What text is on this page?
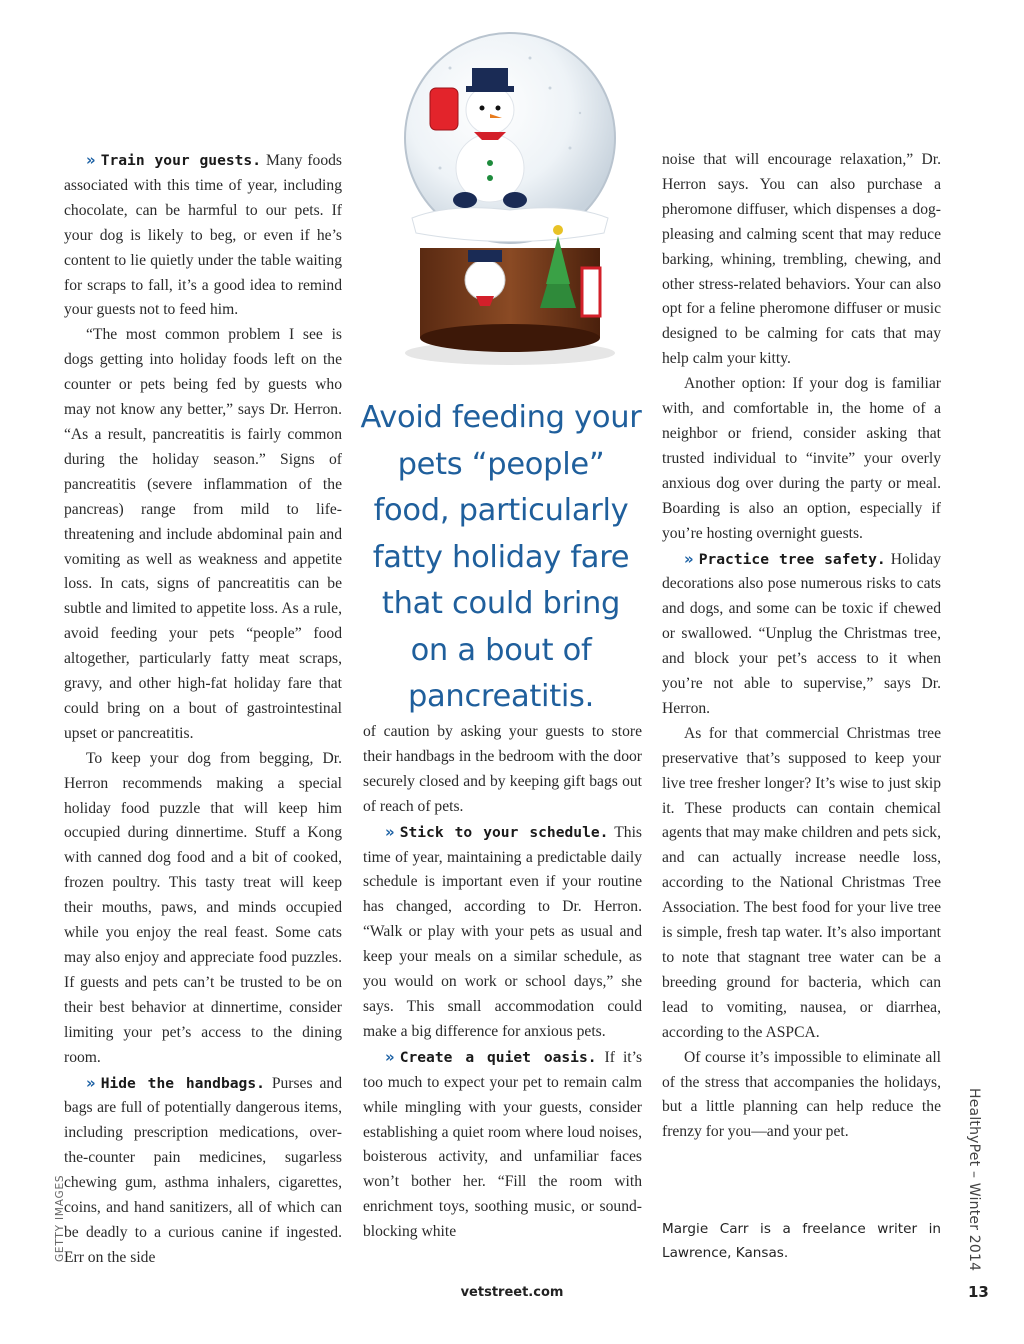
» Train your guests. Many foods associated with this time of year, including chocolate, can be harmful to our pets. If your dog is likely to beg, or even if he’s content to lie quietly under the table waiting for scraps to fall, it’s a good idea to remind your guests not to feed him.

“The most common problem I see is dogs getting into holiday foods left on the counter or pets being fed by guests who may not know any better,” says Dr. Herron. “As a result, pancreatitis is fairly common during the holiday season.” Signs of pancreatitis (severe inflammation of the pancreas) range from mild to life-threatening and include abdominal pain and vomiting as well as weakness and appetite loss. In cats, signs of pancreatitis can be subtle and limited to appetite loss. As a rule, avoid feeding your pets “people” food altogether, particularly fatty meat scraps, gravy, and other high-fat holiday fare that could bring on a bout of gastrointestinal upset or pancreatitis.

To keep your dog from begging, Dr. Herron recommends making a special holiday food puzzle that will keep him occupied during dinnertime. Stuff a Kong with canned dog food and a bit of cooked, frozen poultry. This tasty treat will keep their mouths, paws, and minds occupied while you enjoy the real feast. Some cats may also enjoy and appreciate food puzzles. If guests and pets can’t be trusted to be on their best behavior at dinnertime, consider limiting your pet’s access to the dining room.

» Hide the handbags. Purses and bags are full of potentially dangerous items, including prescription medications, over-the-counter pain medicines, sugarless chewing gum, asthma inhalers, cigarettes, coins, and hand sanitizers, all of which can be deadly to a curious canine if ingested. Err on the side

Avoid feeding your pets “people” food, particularly fatty holiday fare that could bring on a bout of pancreatitis.

of caution by asking your guests to store their handbags in the bedroom with the door securely closed and by keeping gift bags out of reach of pets.

» Stick to your schedule. This time of year, maintaining a predictable daily schedule is important even if your routine has changed, according to Dr. Herron. “Walk or play with your pets as usual and keep your meals on a similar schedule, as you would on work or school days,” she says. This small accommodation could make a big difference for anxious pets.

» Create a quiet oasis. If it’s too much to expect your pet to remain calm while mingling with your guests, consider establishing a quiet room where loud noises, boisterous activity, and unfamiliar faces won’t bother her. “Fill the room with enrichment toys, soothing music, or sound-blocking white

noise that will encourage relaxation,” Dr. Herron says. You can also purchase a pheromone diffuser, which dispenses a dog-pleasing and calming scent that may reduce barking, whining, trembling, chewing, and other stress-related behaviors. Your can also opt for a feline pheromone diffuser or music designed to be calming for cats that may help calm your kitty.

Another option: If your dog is familiar with, and comfortable in, the home of a neighbor or friend, consider asking that trusted individual to “invite” your overly anxious dog over during the party or meal. Boarding is also an option, especially if you’re hosting overnight guests.

» Practice tree safety. Holiday decorations also pose numerous risks to cats and dogs, and some can be toxic if chewed or swallowed. “Unplug the Christmas tree, and block your pet’s access to it when you’re not able to supervise,” says Dr. Herron.

As for that commercial Christmas tree preservative that’s supposed to keep your live tree fresher longer? It’s wise to just skip it. These products can contain chemical agents that may make children and pets sick, and can actually increase needle loss, according to the National Christmas Tree Association. The best food for your live tree is simple, fresh tap water. It’s also important to note that stagnant tree water can be a breeding ground for bacteria, which can lead to vomiting, nausea, or diarrhea, according to the ASPCA.

Of course it’s impossible to eliminate all of the stress that accompanies the holidays, but a little planning can help reduce the frenzy for you—and your pet.

Margie Carr is a freelance writer in Lawrence, Kansas.
GETTY IMAGES	HealthyPet – Winter 2014
vetstreet.com	13
